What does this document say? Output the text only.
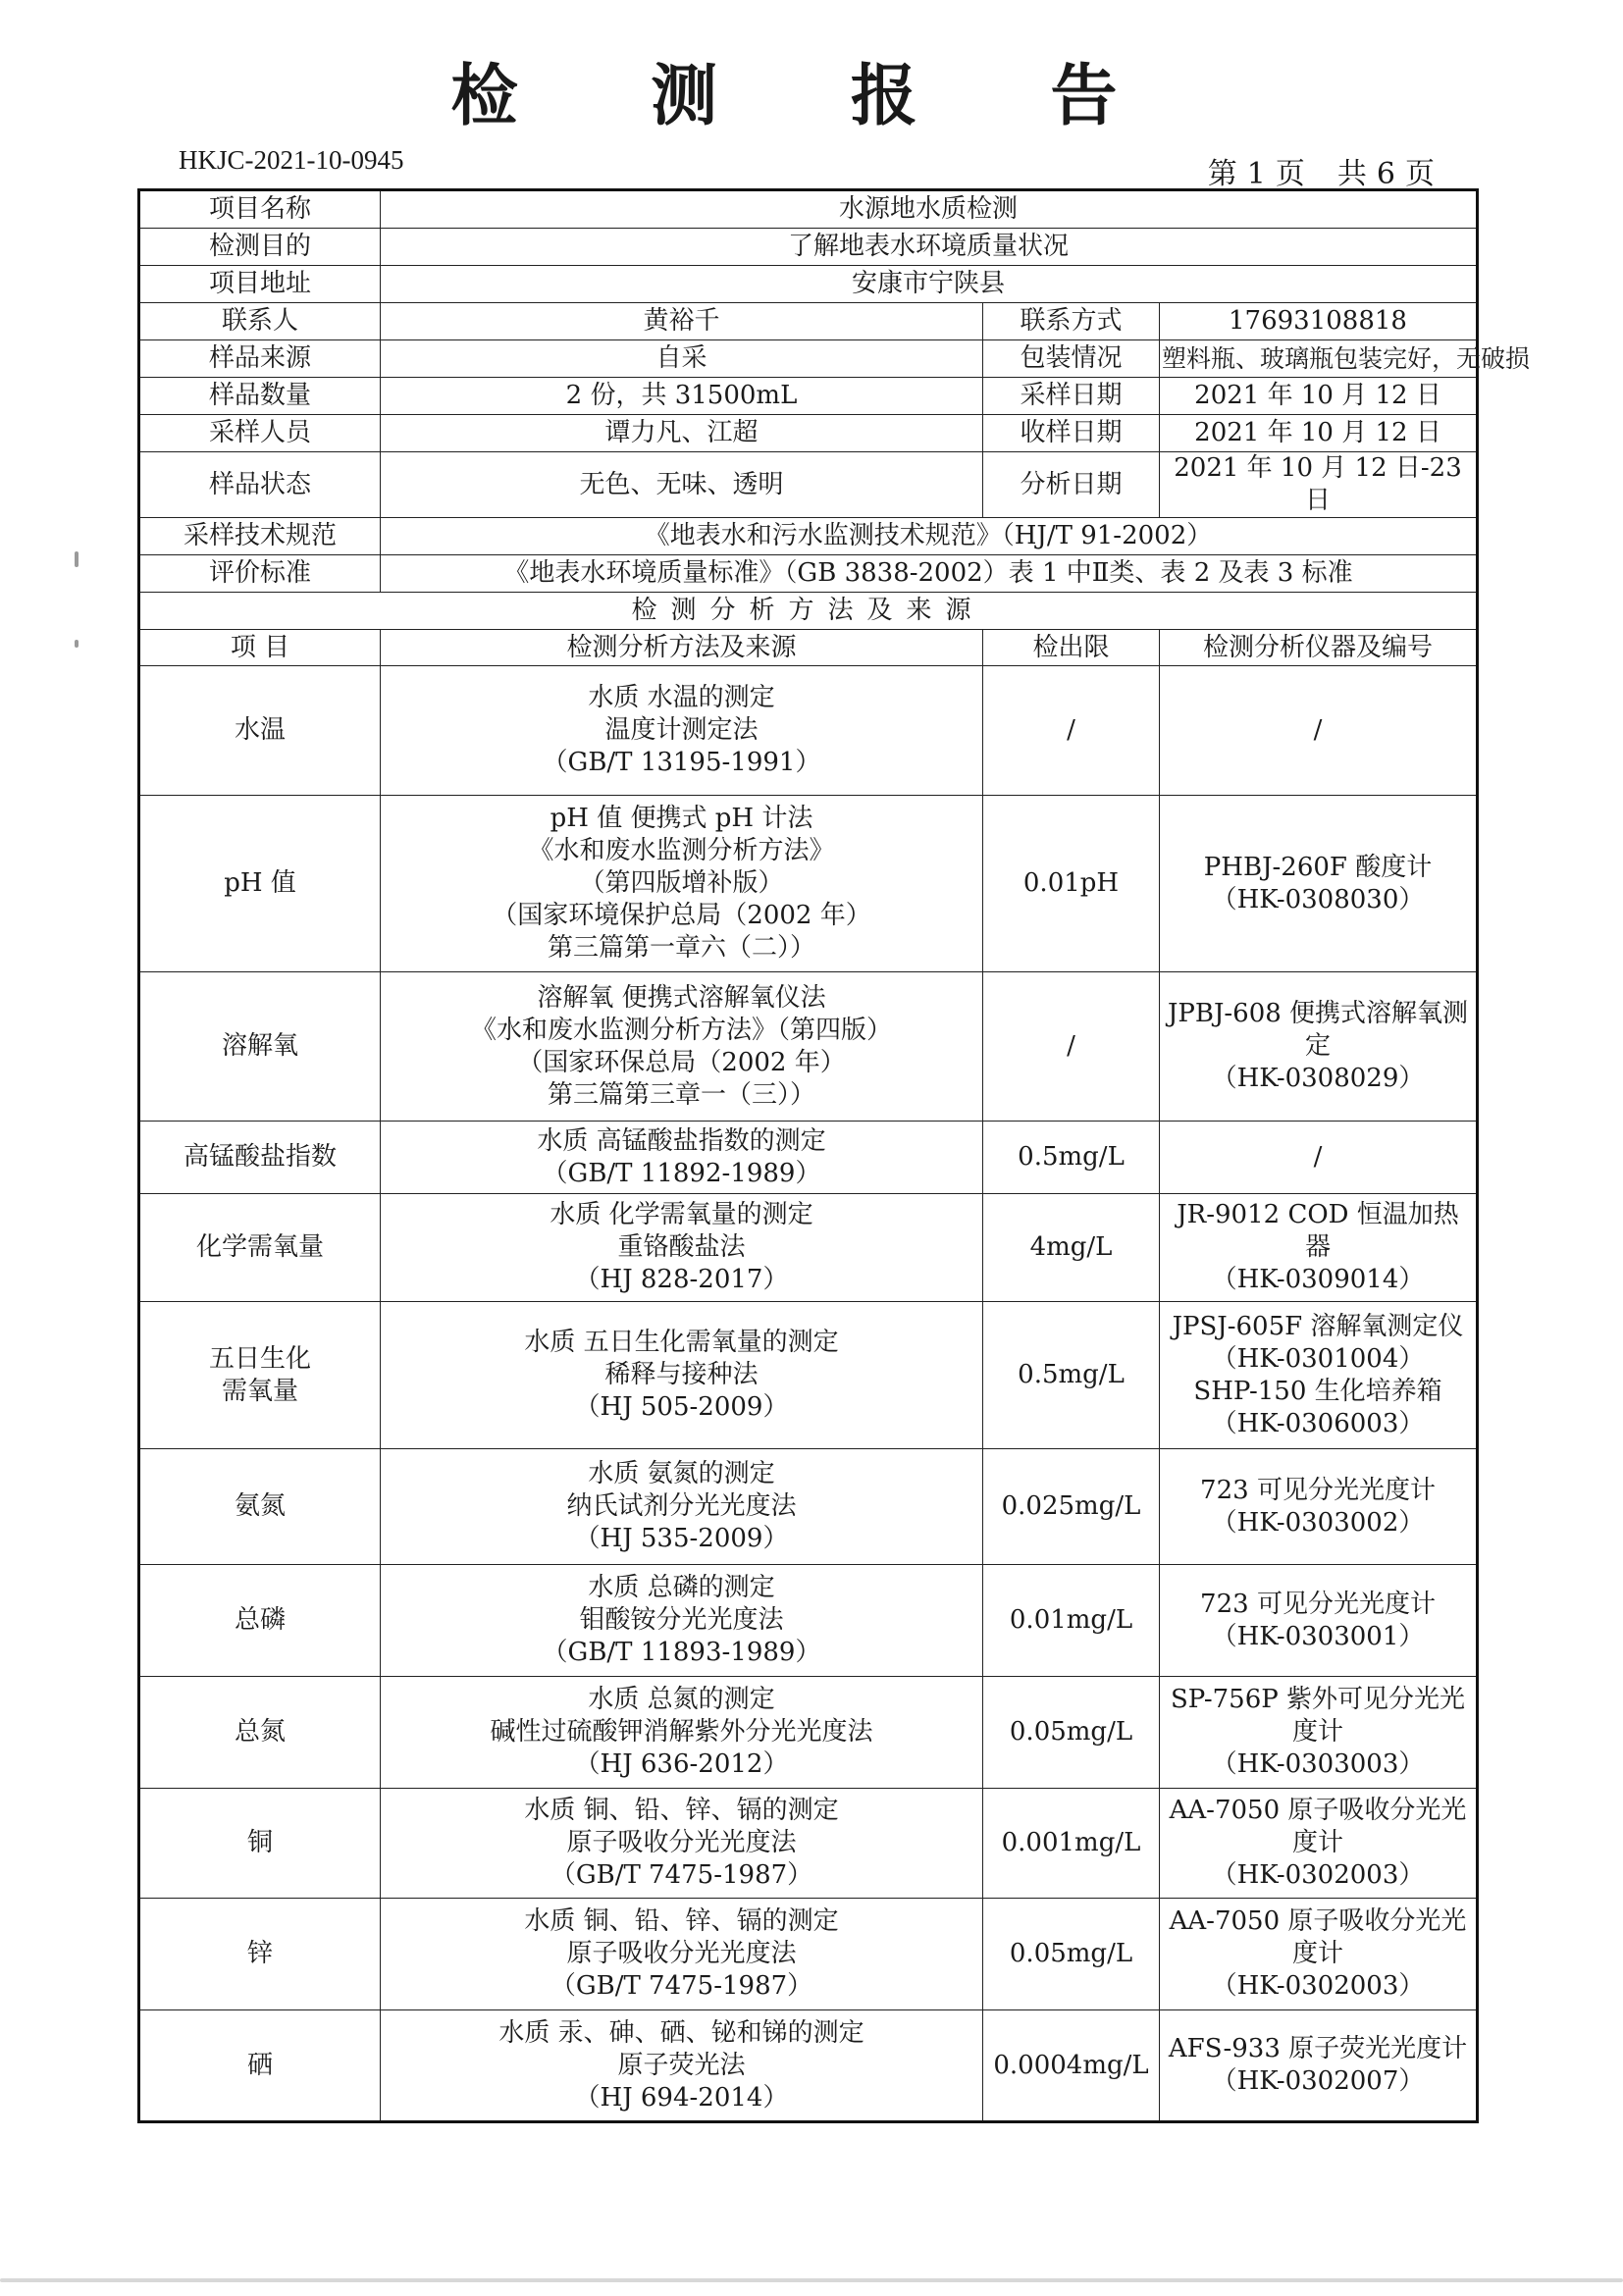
检 测 报 告
HKJC-2021-10-0945	第 1 页 共 6 页
项目名称	水源地水质检测		
检测目的	了解地表水环境质量状况		
项目地址	安康市宁陕县		
联系人	黄裕千	联系方式	17693108818
样品来源	自采	包装情况	塑料瓶、玻璃瓶包装完好，无破损
样品数量	2 份，共 31500mL	采样日期	2021 年 10 月 12 日
采样人员	谭力凡、江超	收样日期	2021 年 10 月 12 日
样品状态	无色、无味、透明	分析日期	2021 年 10 月 12 日-23 日
采样技术规范	《地表水和污水监测技术规范》（HJ/T 91-2002）		
评价标准	《地表水环境质量标准》（GB 3838-2002）表 1 中Ⅱ类、表 2 及表 3 标准		
检测分析方法及来源			
项 目	检测分析方法及来源	检出限	检测分析仪器及编号

水温	水质 水温的测定
温度计测定法
（GB/T 13195-1991）	/	/

pH 值	pH 值 便携式 pH 计法
《水和废水监测分析方法》
（第四版增补版）
（国家环境保护总局（2002 年）
第三篇第一章六（二））	0.01pH	PHBJ-260F 酸度计
（HK-0308030）

溶解氧	溶解氧 便携式溶解氧仪法
《水和废水监测分析方法》（第四版）
（国家环保总局（2002 年）
第三篇第三章一（三））	/	JPBJ-608 便携式溶解氧测定
（HK-0308029）

高锰酸盐指数	水质 高锰酸盐指数的测定
（GB/T 11892-1989）	0.5mg/L	/

化学需氧量	水质 化学需氧量的测定
重铬酸盐法
（HJ 828-2017）	4mg/L	JR-9012 COD 恒温加热器
（HK-0309014）

五日生化
需氧量	水质 五日生化需氧量的测定
稀释与接种法
（HJ 505-2009）	0.5mg/L	JPSJ-605F 溶解氧测定仪
（HK-0301004）
SHP-150 生化培养箱
（HK-0306003）

氨氮	水质 氨氮的测定
纳氏试剂分光光度法
（HJ 535-2009）	0.025mg/L	723 可见分光光度计
（HK-0303002）

总磷	水质 总磷的测定
钼酸铵分光光度法
（GB/T 11893-1989）	0.01mg/L	723 可见分光光度计
（HK-0303001）

总氮	水质 总氮的测定
碱性过硫酸钾消解紫外分光光度法
（HJ 636-2012）	0.05mg/L	SP-756P 紫外可见分光光度计
（HK-0303003）

铜	水质 铜、铅、锌、镉的测定
原子吸收分光光度法
（GB/T 7475-1987）	0.001mg/L	AA-7050 原子吸收分光光度计
（HK-0302003）

锌	水质 铜、铅、锌、镉的测定
原子吸收分光光度法
（GB/T 7475-1987）	0.05mg/L	AA-7050 原子吸收分光光度计
（HK-0302003）

硒	水质 汞、砷、硒、铋和锑的测定
原子荧光法
（HJ 694-2014）	0.0004mg/L	AFS-933 原子荧光光度计
（HK-0302007）
